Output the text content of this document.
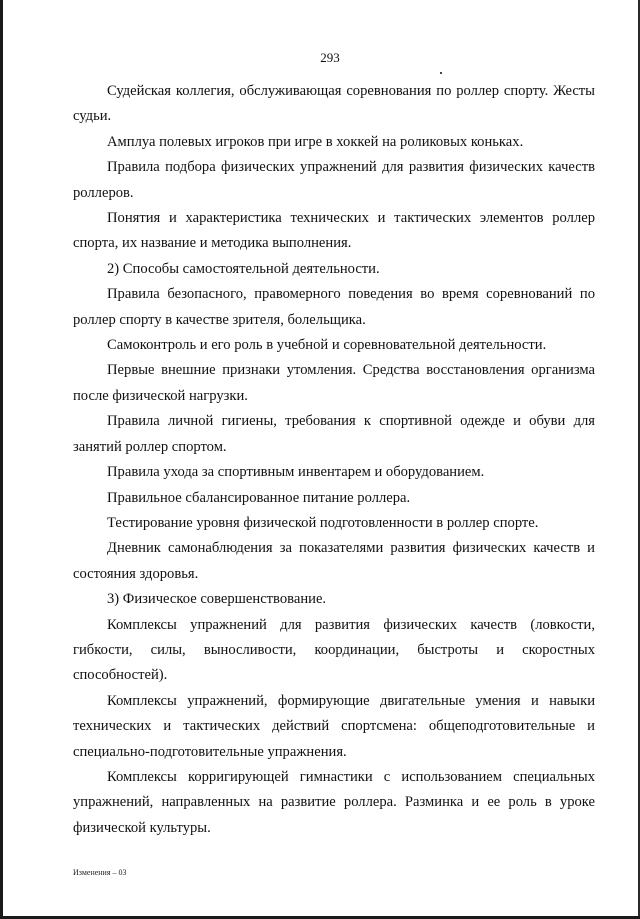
293

Судейская коллегия, обслуживающая соревнования по роллер спорту. Жесты судьи.

Амплуа полевых игроков при игре в хоккей на роликовых коньках.

Правила подбора физических упражнений для развития физических качеств роллеров.

Понятия и характеристика технических и тактических элементов роллер спорта, их название и методика выполнения.

2) Способы самостоятельной деятельности.

Правила безопасного, правомерного поведения во время соревнований по роллер спорту в качестве зрителя, болельщика.

Самоконтроль и его роль в учебной и соревновательной деятельности.

Первые внешние признаки утомления. Средства восстановления организма после физической нагрузки.

Правила личной гигиены, требования к спортивной одежде и обуви для занятий роллер спортом.

Правила ухода за спортивным инвентарем и оборудованием.

Правильное сбалансированное питание роллера.

Тестирование уровня физической подготовленности в роллер спорте.

Дневник самонаблюдения за показателями развития физических качеств и состояния здоровья.

3) Физическое совершенствование.

Комплексы упражнений для развития физических качеств (ловкости, гибкости, силы, выносливости, координации, быстроты и скоростных способностей).

Комплексы упражнений, формирующие двигательные умения и навыки технических и тактических действий спортсмена: общеподготовительные и специально-подготовительные упражнения.

Комплексы корригирующей гимнастики с использованием специальных упражнений, направленных на развитие роллера. Разминка и ее роль в уроке физической культуры.

Изменения – 03
